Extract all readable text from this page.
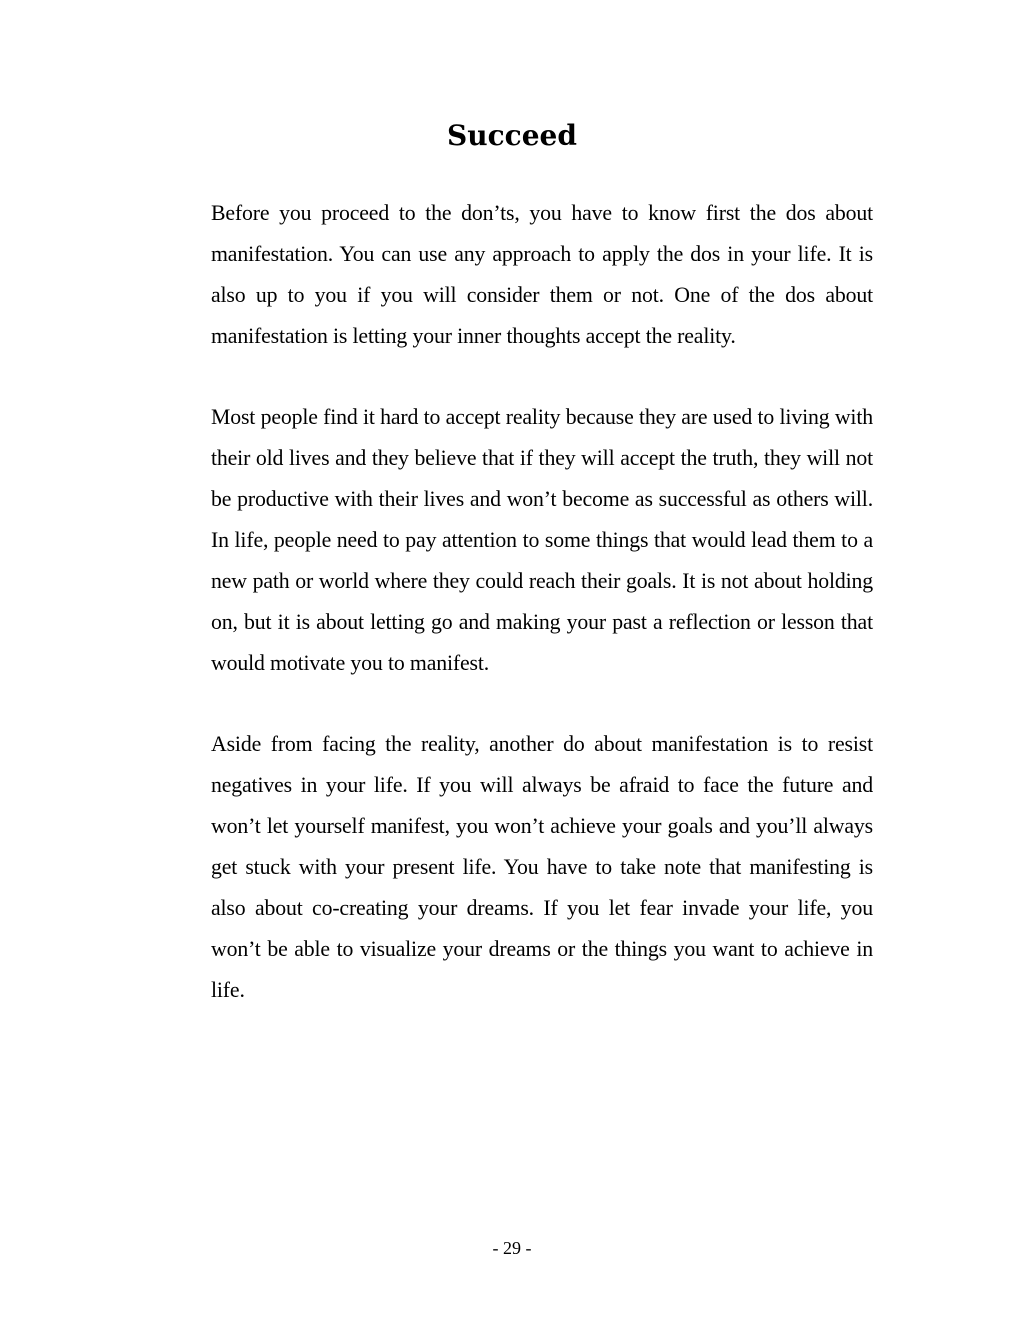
Succeed

Before you proceed to the don’ts, you have to know first the dos about manifestation. You can use any approach to apply the dos in your life. It is also up to you if you will consider them or not. One of the dos about manifestation is letting your inner thoughts accept the reality.

Most people find it hard to accept reality because they are used to living with their old lives and they believe that if they will accept the truth, they will not be productive with their lives and won’t become as successful as others will. In life, people need to pay attention to some things that would lead them to a new path or world where they could reach their goals. It is not about holding on, but it is about letting go and making your past a reflection or lesson that would motivate you to manifest.

Aside from facing the reality, another do about manifestation is to resist negatives in your life. If you will always be afraid to face the future and won’t let yourself manifest, you won’t achieve your goals and you’ll always get stuck with your present life. You have to take note that manifesting is also about co-creating your dreams. If you let fear invade your life, you won’t be able to visualize your dreams or the things you want to achieve in life.

- 29 -
